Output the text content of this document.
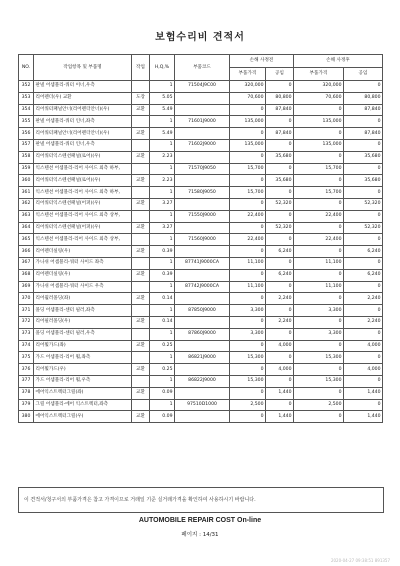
보험수리비 견적서
NO.	작업항목 및 부품명	작업	H,Q,%	부품코드	손해 사정전		손해 사정후	
					부품가격	공임	부품가격	공임
352	판넬 어셈블리-쿼터 이너,우측		1	71504J9C00	320,000	0	320,000	0
353	리어펜더(우) 교환	도장	5.05		70,600	80,800	70,600	80,800
354	리어쿼터패널안너(리어펜더안너)(우)	교환	5.49		0	87,840	0	87,840
355	판넬 어셈블리-쿼터 인너,좌측		1	71601J9000	135,000	0	135,000	0
356	리어쿼터패널안너(리어펜더안너)(우)	교환	5.49		0	87,840	0	87,840
357	판넬 어셈블리-쿼터 인너,우측		1	71602J9000	135,000	0	135,000	0
358	리어쿼터익스텐션패널(로어)(우)	교환	2.23		0	35,680	0	35,680
359	익스텐션 어셈블리-리어 사이드 외측 하부,		1	71570J9050	15,700	0	15,700	0
360	리어쿼터익스텐션패널(로어)(우)	교환	2.23		0	35,680	0	35,680
361	익스텐션 어셈블리-리어 사이드 외측 하부,		1	71580J9050	15,700	0	15,700	0
362	리어쿼터익스텐션패널(어퍼)(우)	교환	3.27		0	52,320	0	52,320
363	익스텐션 어셈블리-리어 사이드 외측 상부,		1	71550J9000	22,400	0	22,400	0
364	리어쿼터익스텐션패널(어퍼)(우)	교환	3.27		0	52,320	0	52,320
365	익스텐션 어셈블리-리어 사이드 외측 상부,		1	71560J9000	22,400	0	22,400	0
366	리어펜더실링(우)	교환	0.39		0	6,240	0	6,240
367	가니쉬 어셈블리-쿼터 사이드 좌측		1	87741J9000CA	11,100	0	11,100	0
368	리어펜더실링(우)	교환	0.39		0	6,240	0	6,240
369	가니쉬 어셈블리-쿼터 사이드 우측		1	87742J9000CA	11,100	0	11,100	0
370	리어윌러몰딩(좌)	교환	0.14		0	2,240	0	2,240
371	몰딩 어셈블리-센터 필러,좌측		1	87850J9000	3,300	0	3,300	0
372	리어필러몰딩(우)	교환	0.14		0	2,240	0	2,240
373	몰딩 어셈블리-센터 필러,우측		1	87860J9000	3,300	0	3,300	0
374	리어휠가드(좌)	교환	0.25		0	4,000	0	4,000
375	가드 어셈블리-리어 휠,좌측		1	86821J9000	15,300	0	15,300	0
376	리어휠가드(우)	교환	0.25		0	4,000	0	4,000
377	가드 어셈블리-리어 휠,우측		1	86822J9000	15,300	0	15,300	0
378	에어익스트렉터그릴(좌)	교환	0.09		0	1,440	0	1,440
379	그릴 어셈블리-에어 익스트렉터,좌측		1	97510D1000	2,500	0	2,500	0
380	에어익스트렉터그릴(우)	교환	0.09		0	1,440	0	1,440
이 견적서/청구서의 부품가격은 참고 가격이므로 거래일 기준 실거래가격을 확인하여 사용하시기 바랍니다.
AUTOMOBILE REPAIR COST On-line
페이지 : 14/31
2020-04-27 09:38:51 891357
